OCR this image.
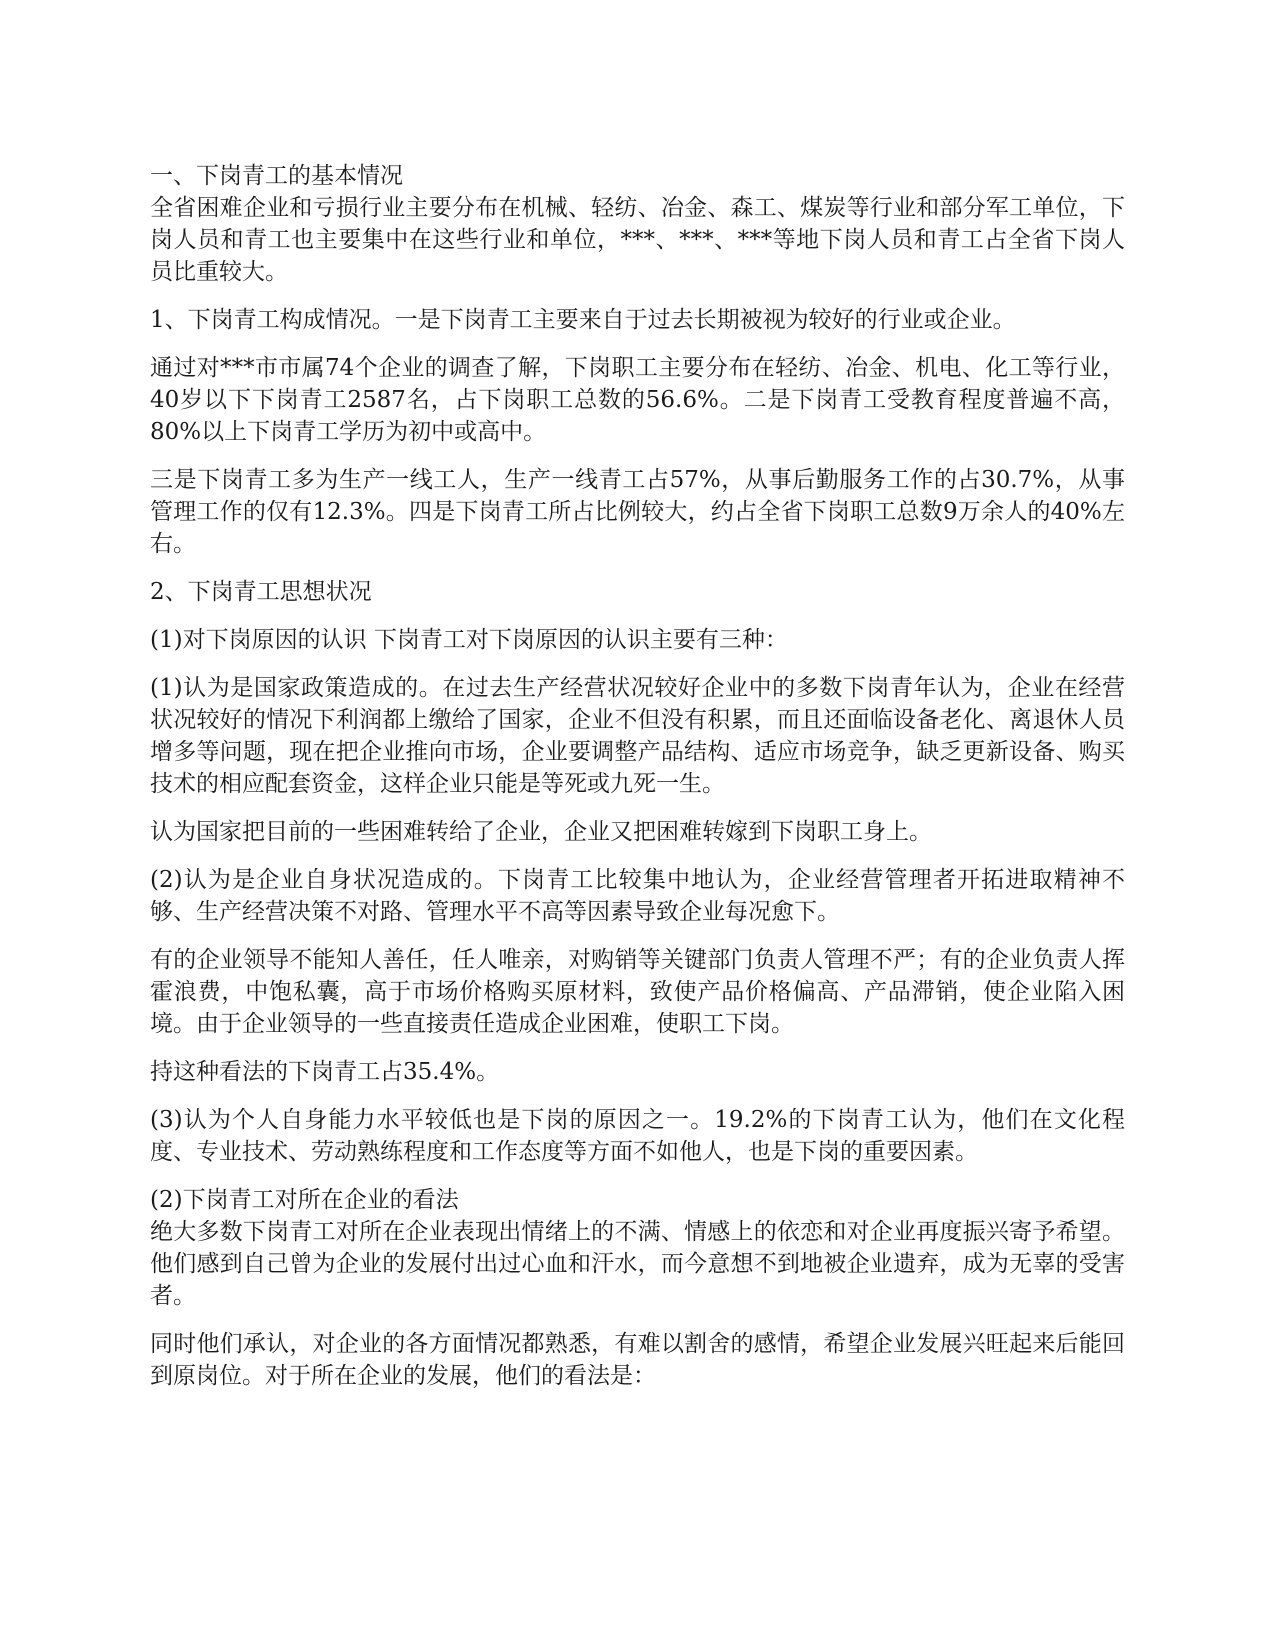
一、下岗青工的基本情况

全省困难企业和亏损行业主要分布在机械、轻纺、冶金、森工、煤炭等行业和部分军工单位，下岗人员和青工也主要集中在这些行业和单位，***、***、***等地下岗人员和青工占全省下岗人员比重较大。

1、下岗青工构成情况。一是下岗青工主要来自于过去长期被视为较好的行业或企业。

通过对***市市属74个企业的调查了解，下岗职工主要分布在轻纺、冶金、机电、化工等行业，40岁以下下岗青工2587名，占下岗职工总数的56.6%。二是下岗青工受教育程度普遍不高，80%以上下岗青工学历为初中或高中。

三是下岗青工多为生产一线工人，生产一线青工占57%，从事后勤服务工作的占30.7%，从事管理工作的仅有12.3%。四是下岗青工所占比例较大，约占全省下岗职工总数9万余人的40%左右。

2、下岗青工思想状况

(1)对下岗原因的认识 下岗青工对下岗原因的认识主要有三种：

(1)认为是国家政策造成的。在过去生产经营状况较好企业中的多数下岗青年认为，企业在经营状况较好的情况下利润都上缴给了国家，企业不但没有积累，而且还面临设备老化、离退休人员增多等问题，现在把企业推向市场，企业要调整产品结构、适应市场竞争，缺乏更新设备、购买技术的相应配套资金，这样企业只能是等死或九死一生。

认为国家把目前的一些困难转给了企业，企业又把困难转嫁到下岗职工身上。

(2)认为是企业自身状况造成的。下岗青工比较集中地认为，企业经营管理者开拓进取精神不够、生产经营决策不对路、管理水平不高等因素导致企业每况愈下。

有的企业领导不能知人善任，任人唯亲，对购销等关键部门负责人管理不严；有的企业负责人挥霍浪费，中饱私囊，高于市场价格购买原材料，致使产品价格偏高、产品滞销，使企业陷入困境。由于企业领导的一些直接责任造成企业困难，使职工下岗。

持这种看法的下岗青工占35.4%。

(3)认为个人自身能力水平较低也是下岗的原因之一。19.2%的下岗青工认为，他们在文化程度、专业技术、劳动熟练程度和工作态度等方面不如他人，也是下岗的重要因素。

(2)下岗青工对所在企业的看法

绝大多数下岗青工对所在企业表现出情绪上的不满、情感上的依恋和对企业再度振兴寄予希望。他们感到自己曾为企业的发展付出过心血和汗水，而今意想不到地被企业遗弃，成为无辜的受害者。

同时他们承认，对企业的各方面情况都熟悉，有难以割舍的感情，希望企业发展兴旺起来后能回到原岗位。对于所在企业的发展，他们的看法是：
